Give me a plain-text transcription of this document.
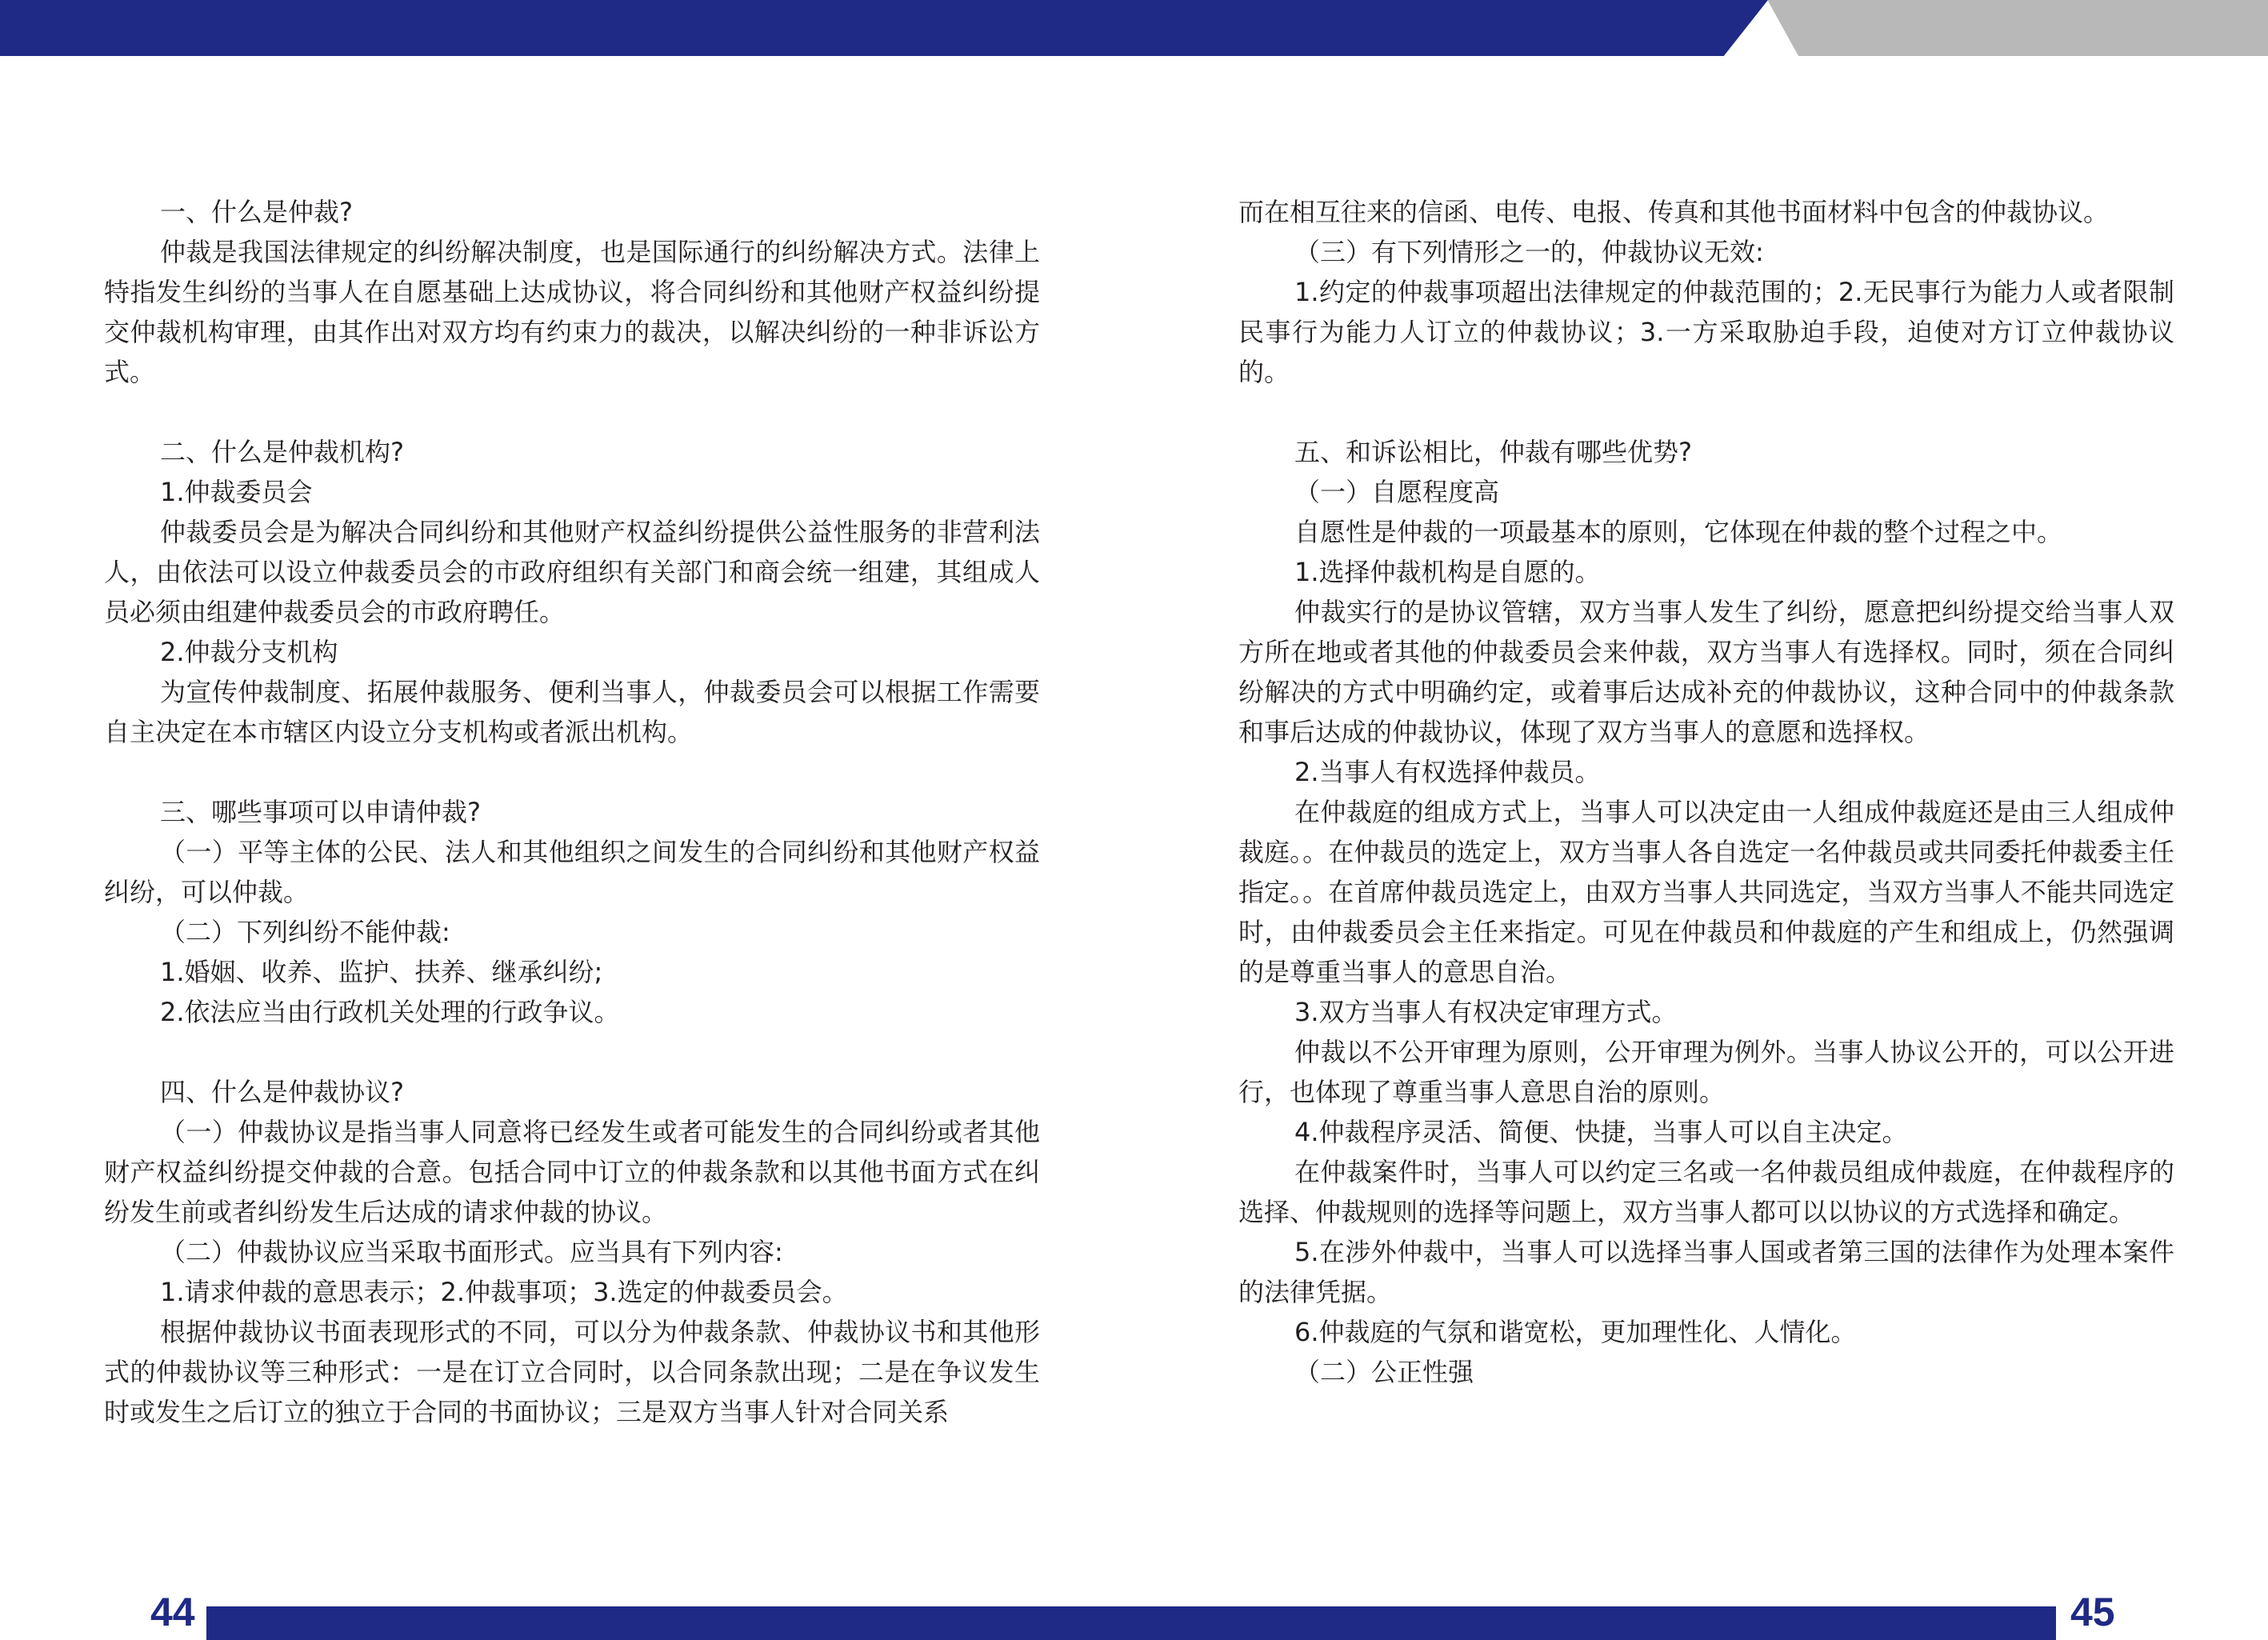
一、什么是仲裁?

仲裁是我国法律规定的纠纷解决制度，也是国际通行的纠纷解决方式。法律上特指发生纠纷的当事人在自愿基础上达成协议，将合同纠纷和其他财产权益纠纷提交仲裁机构审理，由其作出对双方均有约束力的裁决，以解决纠纷的一种非诉讼方式。

二、什么是仲裁机构?

1.仲裁委员会

仲裁委员会是为解决合同纠纷和其他财产权益纠纷提供公益性服务的非营利法人，由依法可以设立仲裁委员会的市政府组织有关部门和商会统一组建，其组成人员必须由组建仲裁委员会的市政府聘任。

2.仲裁分支机构

为宣传仲裁制度、拓展仲裁服务、便利当事人，仲裁委员会可以根据工作需要自主决定在本市辖区内设立分支机构或者派出机构。

三、哪些事项可以申请仲裁?

（一）平等主体的公民、法人和其他组织之间发生的合同纠纷和其他财产权益纠纷，可以仲裁。

（二）下列纠纷不能仲裁:

1.婚姻、收养、监护、扶养、继承纠纷;

2.依法应当由行政机关处理的行政争议。

四、什么是仲裁协议?

（一）仲裁协议是指当事人同意将已经发生或者可能发生的合同纠纷或者其他财产权益纠纷提交仲裁的合意。包括合同中订立的仲裁条款和以其他书面方式在纠纷发生前或者纠纷发生后达成的请求仲裁的协议。

（二）仲裁协议应当采取书面形式。应当具有下列内容:

1.请求仲裁的意思表示；2.仲裁事项；3.选定的仲裁委员会。

根据仲裁协议书面表现形式的不同，可以分为仲裁条款、仲裁协议书和其他形式的仲裁协议等三种形式：一是在订立合同时，以合同条款出现；二是在争议发生时或发生之后订立的独立于合同的书面协议；三是双方当事人针对合同关系

而在相互往来的信函、电传、电报、传真和其他书面材料中包含的仲裁协议。

（三）有下列情形之一的，仲裁协议无效:

1.约定的仲裁事项超出法律规定的仲裁范围的；2.无民事行为能力人或者限制民事行为能力人订立的仲裁协议；3.一方采取胁迫手段，迫使对方订立仲裁协议的。

五、和诉讼相比，仲裁有哪些优势?

（一）自愿程度高

自愿性是仲裁的一项最基本的原则，它体现在仲裁的整个过程之中。

1.选择仲裁机构是自愿的。

仲裁实行的是协议管辖，双方当事人发生了纠纷，愿意把纠纷提交给当事人双方所在地或者其他的仲裁委员会来仲裁，双方当事人有选择权。同时，须在合同纠纷解决的方式中明确约定，或着事后达成补充的仲裁协议，这种合同中的仲裁条款和事后达成的仲裁协议，体现了双方当事人的意愿和选择权。

2.当事人有权选择仲裁员。

在仲裁庭的组成方式上，当事人可以决定由一人组成仲裁庭还是由三人组成仲裁庭。。在仲裁员的选定上，双方当事人各自选定一名仲裁员或共同委托仲裁委主任指定。。在首席仲裁员选定上，由双方当事人共同选定，当双方当事人不能共同选定时，由仲裁委员会主任来指定。可见在仲裁员和仲裁庭的产生和组成上，仍然强调的是尊重当事人的意思自治。

3.双方当事人有权决定审理方式。

仲裁以不公开审理为原则，公开审理为例外。当事人协议公开的，可以公开进行，也体现了尊重当事人意思自治的原则。

4.仲裁程序灵活、简便、快捷，当事人可以自主决定。

在仲裁案件时，当事人可以约定三名或一名仲裁员组成仲裁庭，在仲裁程序的选择、仲裁规则的选择等问题上，双方当事人都可以以协议的方式选择和确定。

5.在涉外仲裁中，当事人可以选择当事人国或者第三国的法律作为处理本案件的法律凭据。

6.仲裁庭的气氛和谐宽松，更加理性化、人情化。

（二）公正性强

44	45
